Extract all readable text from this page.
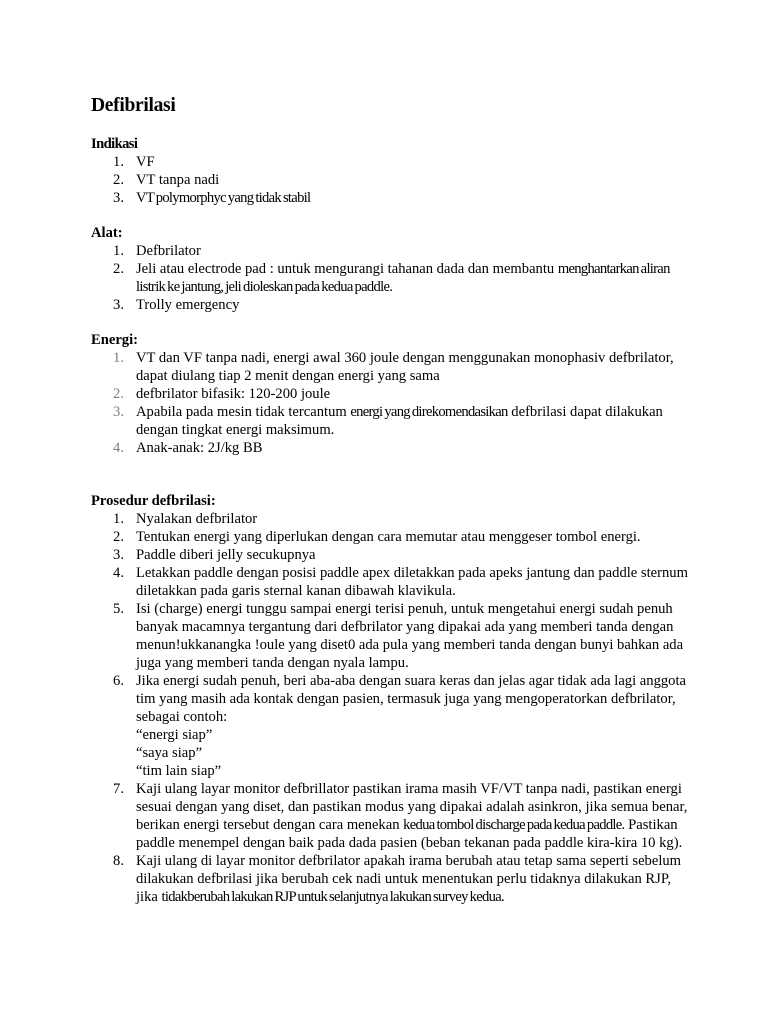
Defibrilasi
Indikasi
1. VF
2. VT tanpa nadi
3. VT polymorphyc yang tidak stabil
Alat:
1. Defbrilator
2. Jeli atau electrode pad : untuk mengurangi tahanan dada dan membantu menghantarkan aliran listrik ke jantung, jeli dioleskan pada kedua paddle.
3. Trolly emergency
Energi:
1. VT dan VF tanpa nadi, energi awal 360 joule dengan menggunakan monophasiv defbrilator, dapat diulang tiap 2 menit dengan energi yang sama
2. defbrilator bifasik: 120-200 joule
3. Apabila pada mesin tidak tercantum energi yang direkomendasikan defbrilasi dapat dilakukan dengan tingkat energi maksimum.
4. Anak-anak: 2J/kg BB
Prosedur defbrilasi:
1. Nyalakan defbrilator
2. Tentukan energi yang diperlukan dengan cara memutar atau menggeser tombol energi.
3. Paddle diberi jelly secukupnya
4. Letakkan paddle dengan posisi paddle apex diletakkan pada apeks jantung dan paddle sternum diletakkan pada garis sternal kanan dibawah klavikula.
5. Isi (charge) energi tunggu sampai energi terisi penuh, untuk mengetahui energi sudah penuh banyak macamnya tergantung dari defbrilator yang dipakai ada yang memberi tanda dengan menun!ukkanangka !oule yang diset0 ada pula yang memberi tanda dengan bunyi bahkan ada juga yang memberi tanda dengan nyala lampu.
6. Jika energi sudah penuh, beri aba-aba dengan suara keras dan jelas agar tidak ada lagi anggota tim yang masih ada kontak dengan pasien, termasuk juga yang mengoperatorkan defbrilator, sebagai contoh:
“energi siap”
“saya siap”
“tim lain siap”
7. Kaji ulang layar monitor defbrillator pastikan irama masih VF/VT tanpa nadi, pastikan energi sesuai dengan yang diset, dan pastikan modus yang dipakai adalah asinkron, jika semua benar, berikan energi tersebut dengan cara menekan kedua tombol discharge pada kedua paddle. Pastikan paddle menempel dengan baik pada dada pasien (beban tekanan pada paddle kira-kira 10 kg).
8. Kaji ulang di layar monitor defbrilator apakah irama berubah atau tetap sama seperti sebelum dilakukan defbrilasi jika berubah cek nadi untuk menentukan perlu tidaknya dilakukan RJP, jika tidakberubah lakukan RJP untuk selanjutnya lakukan survey kedua.
